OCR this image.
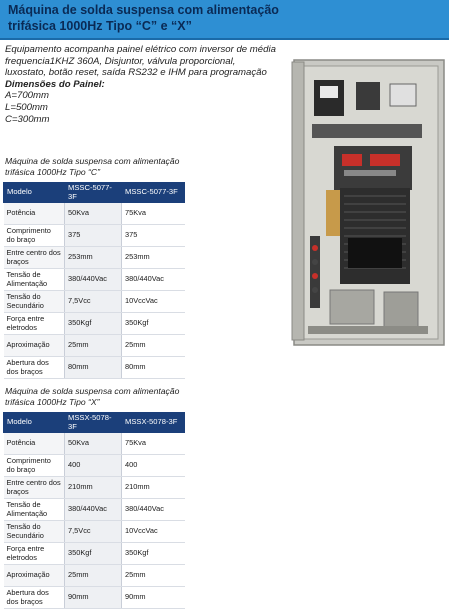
Máquina de solda suspensa com alimentação
trifásica 1000Hz Tipo “C” e “X”
Equipamento acompanha painel elétrico com inversor de média
frequencia1KHZ 360A, Disjuntor, válvula proporcional,
luxostato, botão reset, saída RS232 e IHM para programação
Dimensões do Painel:
A=700mm
L=500mm
C=300mm
Máquina de solda suspensa com alimentação
trifásica 1000Hz Tipo “C”
Modelo	MSSC-5077-3F	MSSC-5077-3F
Potência	50Kva	75Kva
Comprimento do braço	375	375
Entre centro dos braços	253mm	253mm
Tensão de Alimentação	380/440Vac	380/440Vac
Tensão do Secundário	7,5Vcc	10VccVac
Força entre eletrodos	350Kgf	350Kgf
Aproximação	25mm	25mm
Abertura dos dos braços	80mm	80mm
Máquina de solda suspensa com alimentação
trifásica 1000Hz Tipo “X”
Modelo	MSSX-5078-3F	MSSX-5078-3F
Potência	50Kva	75Kva
Comprimento do braço	400	400
Entre centro dos braços	210mm	210mm
Tensão de Alimentação	380/440Vac	380/440Vac
Tensão do Secundário	7,5Vcc	10VccVac
Força entre eletrodos	350Kgf	350Kgf
Aproximação	25mm	25mm
Abertura dos dos braços	90mm	90mm
